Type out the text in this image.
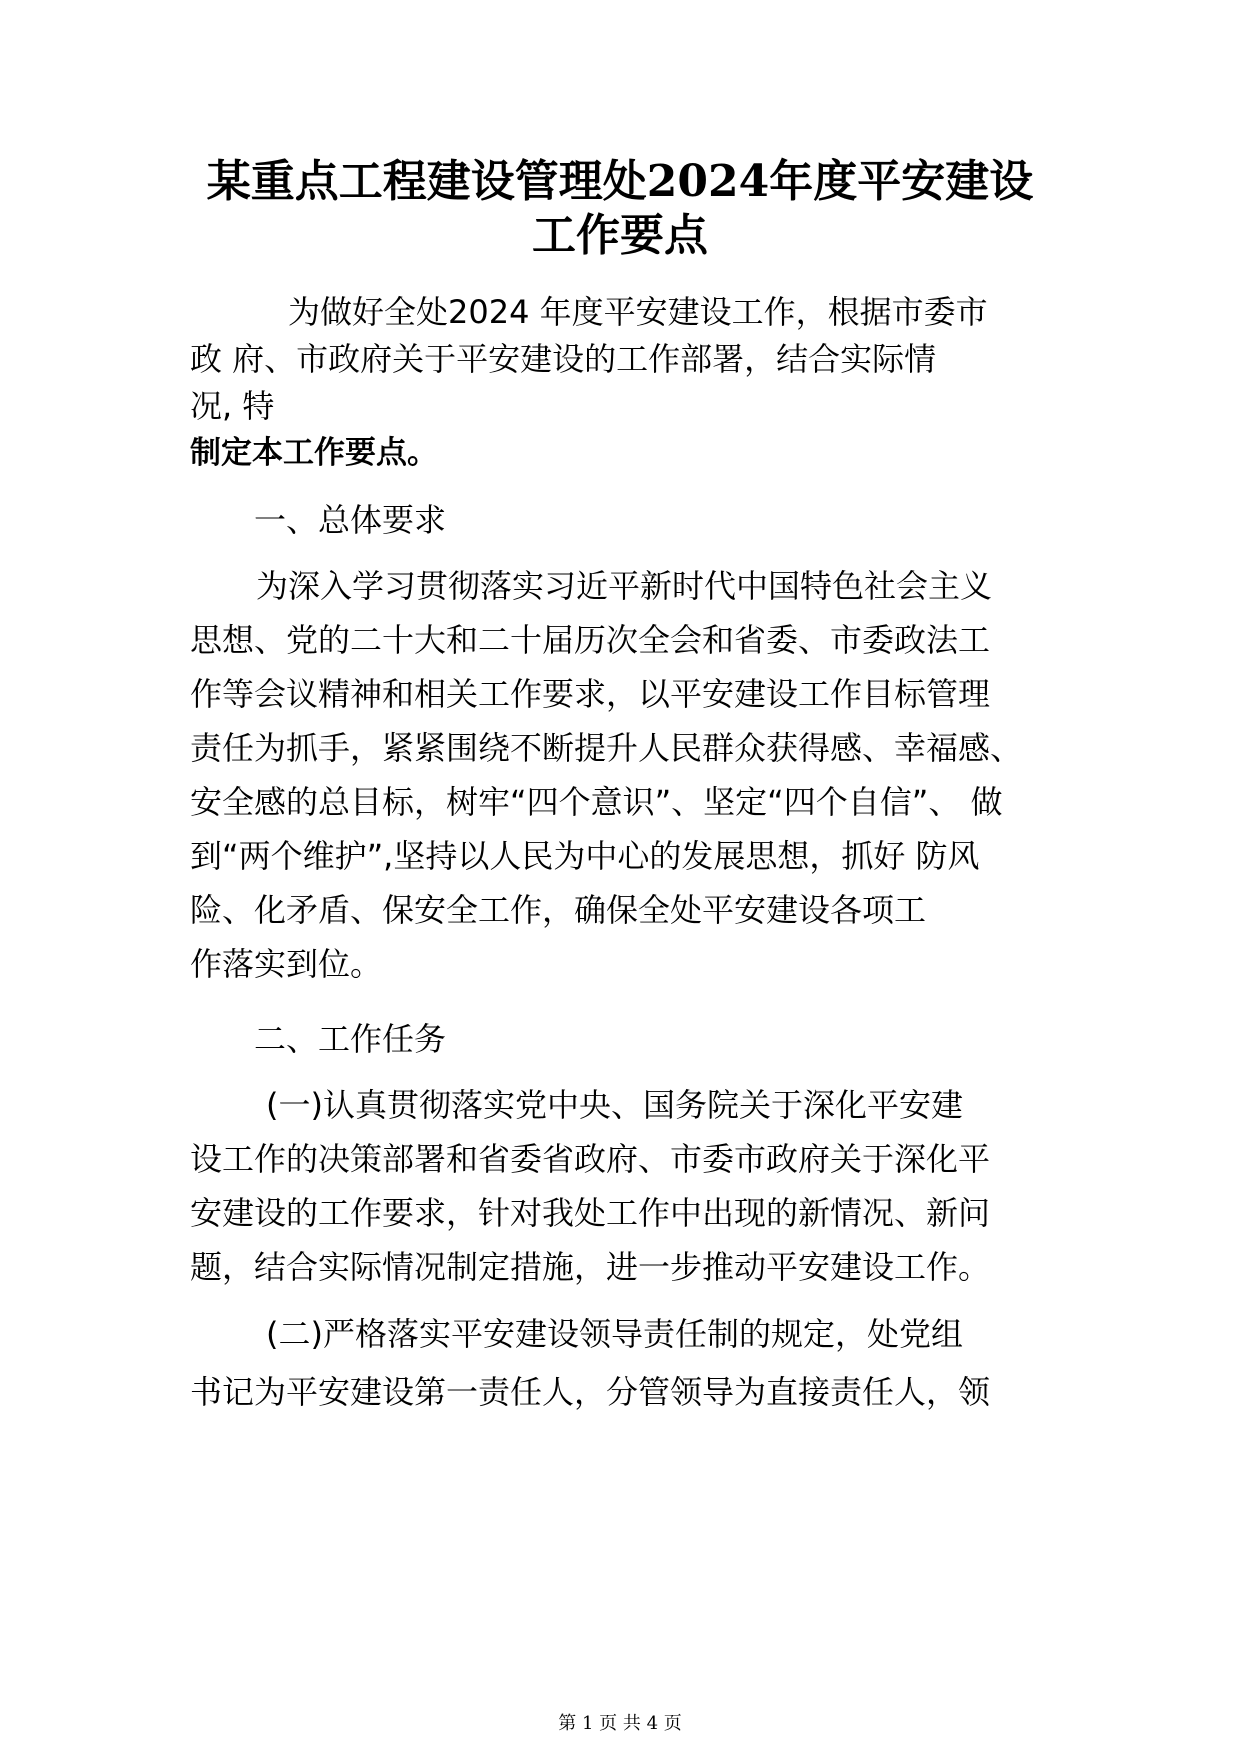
某重点工程建设管理处2024年度平安建设
工作要点
为做好全处2024 年度平安建设工作，根据市委市
政 府、市政府关于平安建设的工作部署，结合实际情
况, 特
制定本工作要点。
一、总体要求
为深入学习贯彻落实习近平新时代中国特色社会主义
思想、党的二十大和二十届历次全会和省委、市委政法工
作等会议精神和相关工作要求，以平安建设工作目标管理
责任为抓手，紧紧围绕不断提升人民群众获得感、幸福感、
安全感的总目标，树牢“四个意识”、坚定“四个自信”、 做
到“两个维护”,坚持以人民为中心的发展思想，抓好 防风
险、化矛盾、保安全工作，确保全处平安建设各项工
作落实到位。
二、工作任务
(一)认真贯彻落实党中央、国务院关于深化平安建
设工作的决策部署和省委省政府、市委市政府关于深化平
安建设的工作要求，针对我处工作中出现的新情况、新问
题，结合实际情况制定措施，进一步推动平安建设工作。
(二)严格落实平安建设领导责任制的规定，处党组
书记为平安建设第一责任人，分管领导为直接责任人，领
第 1 页 共 4 页
